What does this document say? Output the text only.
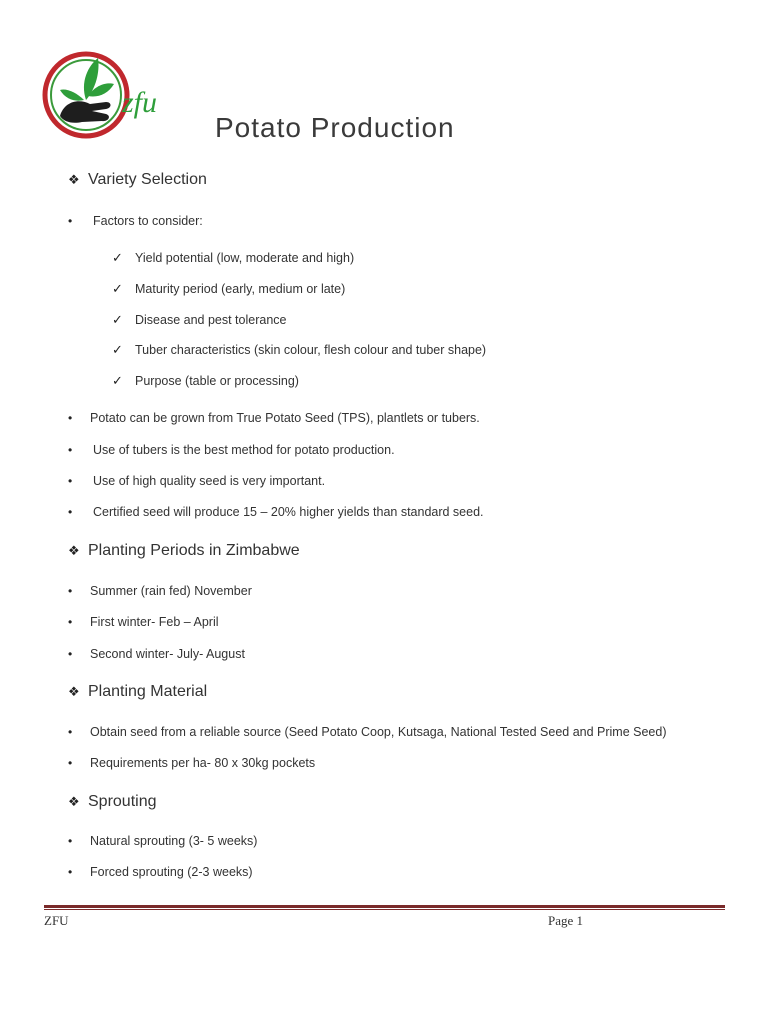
zfu
Potato Production
❖ Variety Selection
• Factors to consider:
✓ Yield potential (low, moderate and high)
✓ Maturity period (early, medium or late)
✓ Disease and pest tolerance
✓ Tuber characteristics (skin colour, flesh colour and tuber shape)
✓ Purpose (table or processing)
• Potato can be grown from True Potato Seed (TPS), plantlets or tubers.
• Use of tubers is the best method for potato production.
• Use of high quality seed is very important.
• Certified seed will produce 15 – 20% higher yields than standard seed.
❖ Planting Periods in Zimbabwe
• Summer (rain fed) November
• First winter- Feb – April
• Second winter- July- August
❖ Planting Material
• Obtain seed from a reliable source (Seed Potato Coop, Kutsaga, National Tested Seed and Prime Seed)
• Requirements per ha- 80 x 30kg pockets
❖ Sprouting
• Natural sprouting (3- 5 weeks)
• Forced sprouting (2-3 weeks)
ZFU	Page 1
